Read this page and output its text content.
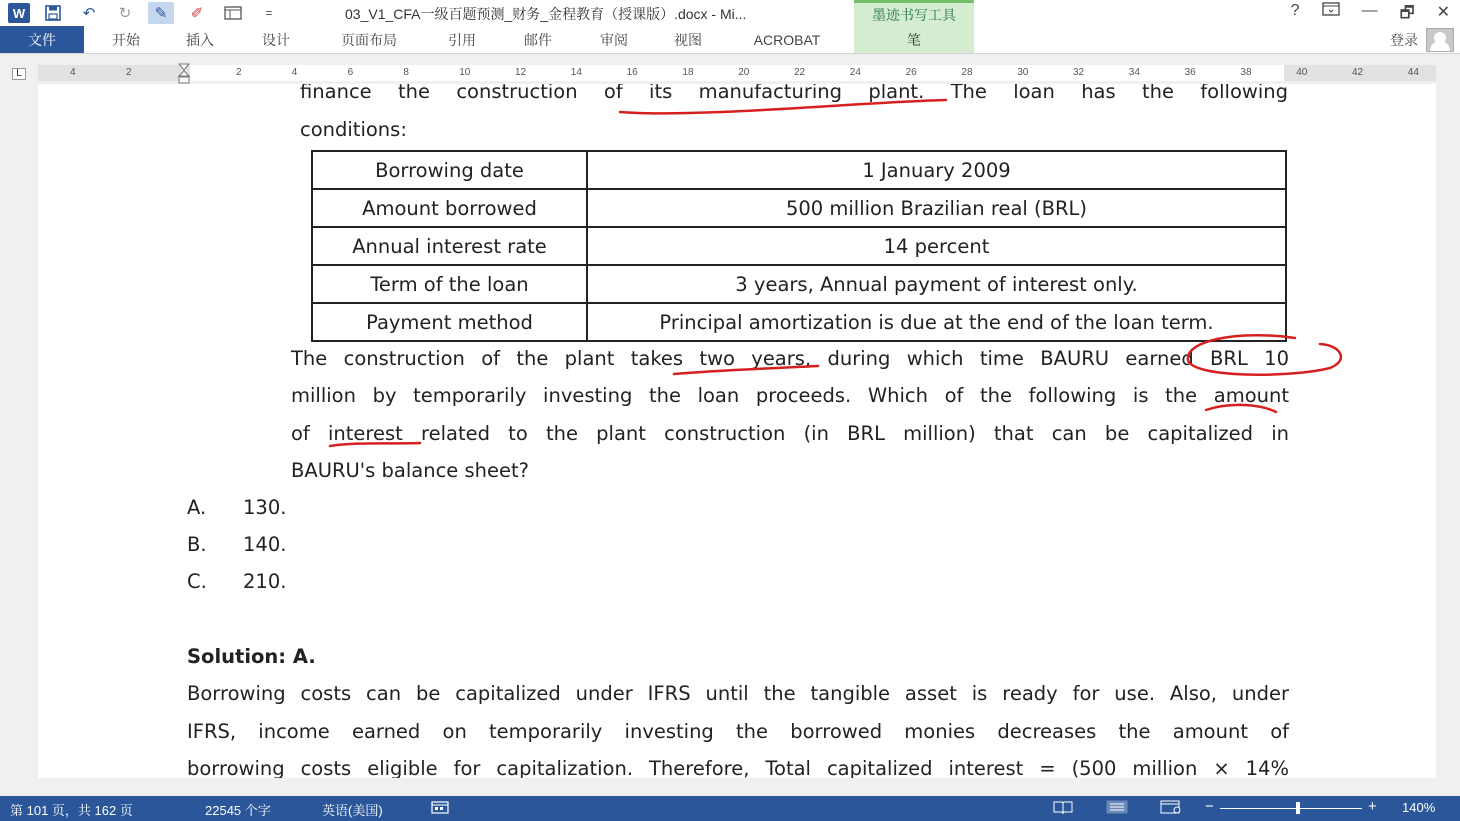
W	↶	↻	✎	✐	=	03_V1_CFA一级百题预测_财务_金程教育（授课版）.docx - Mi...	墨迹书写工具	?	— 🗗 ✕
文件	开始	插入	设计	页面布局	引用	邮件	审阅	视图	ACROBAT	笔	登录
L	4	2	2	4	6	8	10	12	14	16	18	20	22	24	26	28	30	32	34	36	38	40	42	44
finance the construction of its manufacturing plant. The loan has the following
conditions:
Borrowing date	1 January 2009
Amount borrowed	500 million Brazilian real (BRL)
Annual interest rate	14 percent
Term of the loan	3 years, Annual payment of interest only.
Payment method	Principal amortization is due at the end of the loan term.
The construction of the plant takes two years, during which time BAURU earned BRL 10
million by temporarily investing the loan proceeds. Which of the following is the amount
of interest related to the plant construction (in BRL million) that can be capitalized in
BAURU's balance sheet?
A. 130.
B. 140.
C. 210.
Solution: A.
Borrowing costs can be capitalized under IFRS until the tangible asset is ready for use. Also, under
IFRS, income earned on temporarily investing the borrowed monies decreases the amount of
borrowing costs eligible for capitalization. Therefore, Total capitalized interest = (500 million × 14%
第 101 页，共 162 页	22545 个字	英语(美国)	−	+ 140%
